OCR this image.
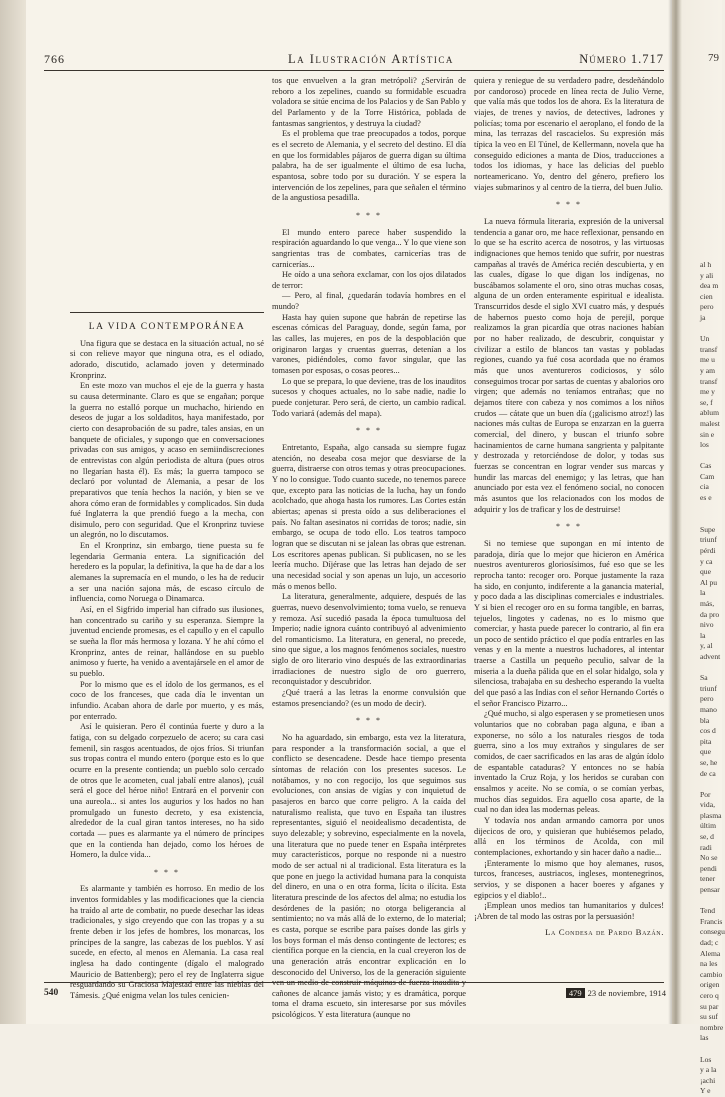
766	La Ilustración Artística	Número 1.717
LA VIDA CONTEMPORÁNEA

Una figura que se destaca en la situación actual, no sé si con relieve mayor que ninguna otra, es el odiado, adorado, discutido, aclamado joven y determinado Kronprinz.

En este mozo van muchos el eje de la guerra y hasta su causa determinante. Claro es que se engañan; porque la guerra no estalló porque un muchacho, hiriendo en deseos de jugar a los soldaditos, haya manifestado, por cierto con desaprobación de su padre, tales ansias, en un banquete de oficiales, y supongo que en conversaciones privadas con sus amigos, y acaso en semiindiscreciones de entrevistas con algún periodista de altura (pues otros no llegarían hasta él). Es más; la guerra tampoco se declaró por voluntad de Alemania, a pesar de los preparativos que tenía hechos la nación, y bien se ve ahora cómo eran de formidables y complicados. Sin duda fué Inglaterra la que prendió fuego a la mecha, con disimulo, pero con seguridad. Que el Kronprinz tuviese un alegrón, no lo discutamos.

En el Kronprinz, sin embargo, tiene puesta su fe legendaria Germania entera. La significación del heredero es la popular, la definitiva, la que ha de dar a los alemanes la supremacía en el mundo, o les ha de reducir a ser una nación sajona más, de escaso círculo de influencia, como Noruega o Dinamarca.

Así, en el Sigfrido imperial han cifrado sus ilusiones, han concentrado su cariño y su esperanza. Siempre la juventud enciende promesas, es el capullo y en el capullo se sueña la flor más hermosa y lozana. Y he ahí cómo el Kronprinz, antes de reinar, hallándose en su pueblo animoso y fuerte, ha venido a aventajársele en el amor de su pueblo.

Por lo mismo que es el ídolo de los germanos, es el coco de los franceses, que cada día le inventan un infundio. Acaban ahora de darle por muerto, y es más, por enterrado.

Así le quisieran. Pero él continúa fuerte y duro a la fatiga, con su delgado corpezuelo de acero; su cara casi femenil, sin rasgos acentuados, de ojos fríos. Si triunfan sus tropas contra el mundo entero (porque esto es lo que ocurre en la presente contienda; un pueblo solo cercado de otros que le acometen, cual jabalí entre alanos), ¡cuál será el goce del héroe niño! Entrará en el porvenir con una aureola... si antes los augurios y los hados no han promulgado un funesto decreto, y esa existencia, alrededor de la cual giran tantos intereses, no ha sido cortada — pues es alarmante ya el número de príncipes que en la contienda han dejado, como los héroes de Homero, la dulce vida...

* * *

Es alarmante y también es horroso. En medio de los inventos formidables y las modificaciones que la ciencia ha traído al arte de combatir, no puede desechar las ideas tradicionales, y sigo creyendo que con las tropas y a su frente deben ir los jefes de hombres, los monarcas, los príncipes de la sangre, las cabezas de los pueblos. Y así sucede, en efecto, al menos en Alemania. La casa real inglesa ha dado contingente (dígalo el malogrado Mauricio de Battenberg); pero el rey de Inglaterra sigue resguardando su Graciosa Majestad entre las nieblas del Támesis. ¿Qué enigma velan los tules cenicien-

tos que envuelven a la gran metrópoli? ¿Servirán de reboro a los zepelines, cuando su formidable escuadra voladora se sitúe encima de los Palacios y de San Pablo y del Parlamento y de la Torre Histórica, poblada de fantasmas sangrientos, y destruya la ciudad?

Es el problema que trae preocupados a todos, porque es el secreto de Alemania, y el secreto del destino. El día en que los formidables pájaros de guerra digan su última palabra, ha de ser igualmente el último de esa lucha, espantosa, sobre todo por su duración. Y se espera la intervención de los zepelines, para que señalen el término de la angustiosa pesadilla.

* * *

El mundo entero parece haber suspendido la respiración aguardando lo que venga... Y lo que viene son sangrientas tras de combates, carnicerías tras de carnicerías...

He oído a una señora exclamar, con los ojos dilatados de terror:

— Pero, al final, ¿quedarán todavía hombres en el mundo?

Hasta hay quien supone que habrán de repetirse las escenas cómicas del Paraguay, donde, según fama, por las calles, las mujeres, en pos de la despoblación que originaron largas y cruentas guerras, detenían a los varones, pidiéndoles, como favor singular, que las tomasen por esposas, o cosas peores...

Lo que se prepara, lo que deviene, tras de los inauditos sucesos y choques actuales, no lo sabe nadie, nadie lo puede conjeturar. Pero será, de cierto, un cambio radical. Todo variará (además del mapa).

* * *

Entretanto, España, algo cansada su siempre fugaz atención, no deseaba cosa mejor que desviarse de la guerra, distraerse con otros temas y otras preocupaciones. Y no lo consigue. Todo cuanto sucede, no tenemos parece que, excepto para las noticias de la lucha, hay un fondo acolchado, que ahoga hasta los rumores. Las Cortes están abiertas; apenas si presta oído a sus deliberaciones el país. No faltan asesinatos ni corridas de toros; nadie, sin embargo, se ocupa de todo ello. Los teatros tampoco logran que se discutan ni se jalean las obras que estrenan. Los escritores apenas publican. Si publicasen, no se les leería mucho. Díjérase que las letras han dejado de ser una necesidad social y son apenas un lujo, un accesorio más o menos bello.

La literatura, generalmente, adquiere, después de las guerras, nuevo desenvolvimiento; toma vuelo, se renueva y remoza. Así sucedió pasada la época tumultuosa del Imperio; nadie ignora cuánto contribuyó al advenimiento del romanticismo. La literatura, en general, no precede, sino que sigue, a los magnos fenómenos sociales, nuestro siglo de oro literario vino después de las extraordinarias irradiaciones de nuestro siglo de oro guerrero, reconquistador y descubridor.

¿Qué traerá a las letras la enorme convulsión que estamos presenciando? (es un modo de decir).

* * *

No ha aguardado, sin embargo, esta vez la literatura, para responder a la transformación social, a que el conflicto se desencadene. Desde hace tiempo presenta síntomas de relación con los presentes sucesos. Le notábamos, y no con regocijo, los que seguimos sus evoluciones, con ansias de vigías y con inquietud de pasajeros en barco que corre peligro. A la caída del naturalismo realista, que tuvo en España tan ilustres representantes, siguió el neoidealismo decadentista, de suyo delezable; y sobrevino, especialmente en la novela, una literatura que no puede tener en España intérpretes muy característicos, porque no responde ni a nuestro modo de ser actual ni al tradicional. Esta literatura es la que pone en juego la actividad humana para la conquista del dinero, en una o en otra forma, lícita o ilícita. Esta literatura prescinde de los afectos del alma; no estudia los desórdenes de la pasión; no otorga beligerancia al sentimiento; no va más allá de lo externo, de lo material; es casta, porque se escribe para países donde las girls y los boys forman el más denso contingente de lectores; es científica porque en la ciencia, en la cual creyeron los de una generación atrás encontrar explicación en lo desconocido del Universo, los de la generación siguiente ven un medio de construir máquinas de fuerza inaudita y cañones de alcance jamás visto; y es dramática, porque toma el drama escueto, sin interesarse por sus móviles psicológicos. Y esta literatura (aunque no

quiera y reniegue de su verdadero padre, desdeñándolo por candoroso) procede en línea recta de Julio Verne, que valía más que todos los de ahora. Es la literatura de viajes, de trenes y navíos, de detectives, ladrones y policías; toma por escenario el aeroplano, el fondo de la mina, las terrazas del rascacielos. Su expresión más típica la veo en El Túnel, de Kellermann, novela que ha conseguido ediciones a manta de Dios, traducciones a todos los idiomas, y hace las delicias del pueblo norteamericano. Yo, dentro del género, prefiero los viajes submarinos y al centro de la tierra, del buen Julio.

* * *

La nueva fórmula literaria, expresión de la universal tendencia a ganar oro, me hace reflexionar, pensando en lo que se ha escrito acerca de nosotros, y las virtuosas indignaciones que hemos tenido que sufrir, por nuestras campañas al través de América recién descubierta, y en las cuales, dígase lo que digan los indígenas, no buscábamos solamente el oro, sino otras muchas cosas, alguna de un orden enteramente espiritual e idealista. Transcurridos desde el siglo XVI cuatro más, y después de habernos puesto como hoja de perejil, porque realizamos la gran picardía que otras naciones habían por no haber realizado, de descubrir, conquistar y civilizar a estilo de blancos tan vastas y pobladas regiones, cuando ya fué cosa acordada que no éramos más que unos aventureros codiciosos, y sólo conseguimos trocar por sartas de cuentas y abalorios oro virgen; que además no teníamos entrañas; que no dejamos títere con cabeza y nos comimos a los niños crudos — cátate que un buen día (¡galicismo atroz!) las naciones más cultas de Europa se enzarzan en la guerra comercial, del dinero, y buscan el triunfo sobre hacinamientos de carne humana sangrienta y palpitante y destrozada y retorciéndose de dolor, y todas sus fuerzas se concentran en lograr vender sus marcas y hundir las marcas del enemigo; y las letras, que han anunciado por esta vez el fenómeno social, no conocen más asuntos que los relacionados con los modos de adquirir y los de traficar y los de destruirse!

* * *

Si no temiese que supongan en mí intento de paradoja, diría que lo mejor que hicieron en América nuestros aventureros gloriosísimos, fué eso que se les reprocha tanto: recoger oro. Porque justamente la raza ha sido, en conjunto, indiferente a la ganancia material, y poco dada a las disciplinas comerciales e industriales. Y si bien el recoger oro en su forma tangible, en barras, tejuelos, lingotes y cadenas, no es lo mismo que comerciar, y hasta puede parecer lo contrario, al fin era un poco de sentido práctico el que podía entrarles en las venas y en la mente a nuestros luchadores, al intentar traerse a Castilla un pequeño peculio, salvar de la miseria a la dueña pálida que en el solar hidalgo, sola y silenciosa, trabajaba en su deshecho esperando la vuelta del que pasó a las Indias con el señor Hernando Cortés o el señor Francisco Pizarro...

¿Qué mucho, si algo esperasen y se prometiesen unos voluntarios que no cobraban paga alguna, e iban a exponerse, no sólo a los naturales riesgos de toda guerra, sino a los muy extraños y singulares de ser comidos, de caer sacrificados en las aras de algún ídolo de espantable cataduras? Y entonces no se había inventado la Cruz Roja, y los heridos se curaban con ensalmos y aceite. No se comía, o se comían yerbas, muchos días seguidos. Era aquello cosa aparte, de la cual no dan idea las modernas peleas.

Y todavía nos andan armando camorra por unos dijecicos de oro, y quisieran que hubiésemos pelado, allá en los términos de Acolda, con mil contemplaciones, exhortando y sin hacer daño a nadie...

¡Enteramente lo mismo que hoy alemanes, rusos, turcos, franceses, austriacos, ingleses, montenegrinos, servios, y se disponen a hacer boeres y afganes y egipcios y el diablo!..

¡Emplean unos medios tan humanitarios y dulces! ¡Abren de tal modo las ostras por la persuasión!

La Condesa de Pardo Bazán.
540	479 23 de noviembre, 1914
79
al h
y ali
dea m
cien
pero
ja

Un
transf
me u
y am
transf
me y
se, f
ablum
malest
sin e
los

Cas
Cam
cia
es e

Supe
triunf
pérdi
y ca
que
Al pu
la
más,
da pro
nivo
la
y, al
advent

Sa
triunf
pero
mano
bla
cos d
pita
que
se, he
de ca

Por
vida,
plasma
últim
se, d
radi
No se
pendi
tener
pensar

Tend
Francis
consegu
dad; c
Alema
na les
cambio
origen
cero q
su par
su suf
nombre
las

Los
y a la
¡achi
Y e
